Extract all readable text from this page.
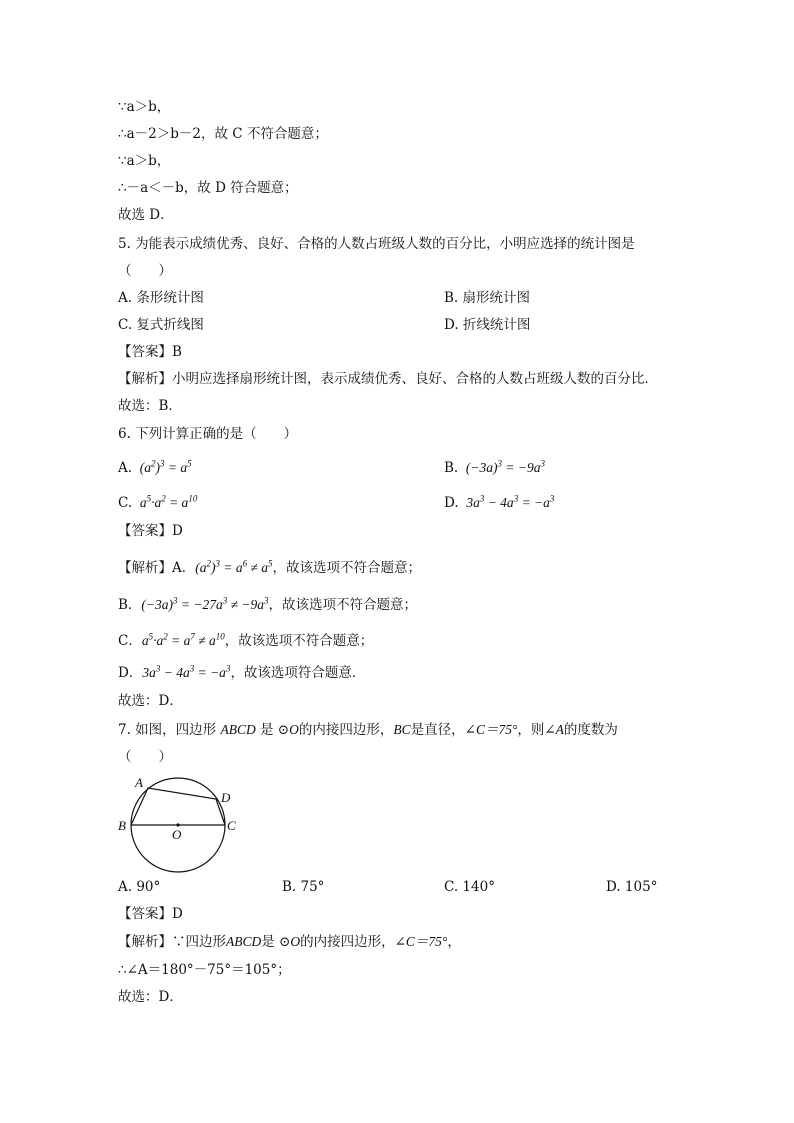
∵a＞b，
∴a－2＞b－2，故 C 不符合题意；
∵a＞b，
∴－a＜－b，故 D 符合题意；
故选 D．
5. 为能表示成绩优秀、良好、合格的人数占班级人数的百分比，小明应选择的统计图是
（　　）
A. 条形统计图	B. 扇形统计图
C. 复式折线图	D. 折线统计图
【答案】B
【解析】小明应选择扇形统计图，表示成绩优秀、良好、合格的人数占班级人数的百分比．
故选：B．
6. 下列计算正确的是（　　）
A.  $(a^2)^3 = a^5$	B.  $(-3a)^3 = -9a^3$
C.  $a^5\cdot a^2 = a^{10}$	D.  $3a^3 - 4a^3 = -a^3$
【答案】D
【解析】A．$(a^2)^3 = a^6 \ne a^5$，故该选项不符合题意；
B．$(-3a)^3 = -27a^3 \ne -9a^3$，故该选项不符合题意；
C．$a^5\cdot a^2 = a^7 \ne a^{10}$，故该选项不符合题意；
D．$3a^3 - 4a^3 = -a^3$，故该选项符合题意．
故选：D．
7. 如图，四边形 ABCD 是 ⊙O的内接四边形，BC是直径，∠C＝75°，则∠A的度数为
（　　）
A
B	C
D
O
A. 90°	B. 75°	C. 140°	D. 105°
【答案】D
【解析】∵四边形ABCD是 ⊙O的内接四边形，∠C＝75°，
∴∠A＝180°－75°＝105°；
故选：D．
